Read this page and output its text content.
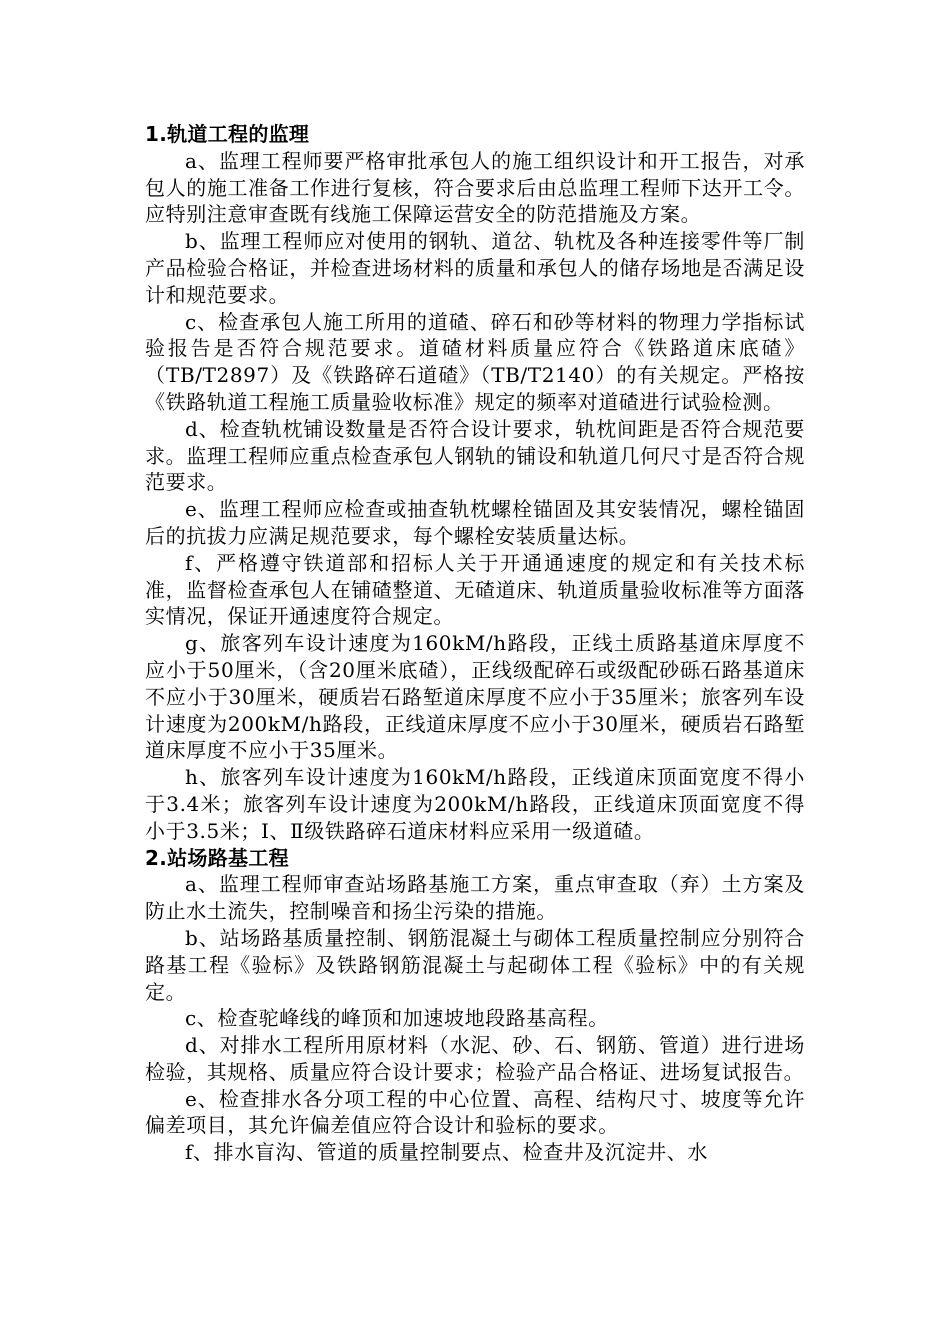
1.轨道工程的监理

a、监理工程师要严格审批承包人的施工组织设计和开工报告，对承包人的施工准备工作进行复核，符合要求后由总监理工程师下达开工令。应特别注意审查既有线施工保障运营安全的防范措施及方案。

b、监理工程师应对使用的钢轨、道岔、轨枕及各种连接零件等厂制产品检验合格证，并检查进场材料的质量和承包人的储存场地是否满足设计和规范要求。

c、检查承包人施工所用的道碴、碎石和砂等材料的物理力学指标试验报告是否符合规范要求。道碴材料质量应符合《铁路道床底碴》（TB/T2897）及《铁路碎石道碴》（TB/T2140）的有关规定。严格按《铁路轨道工程施工质量验收标准》规定的频率对道碴进行试验检测。

d、检查轨枕铺设数量是否符合设计要求，轨枕间距是否符合规范要求。监理工程师应重点检查承包人钢轨的铺设和轨道几何尺寸是否符合规范要求。

e、监理工程师应检查或抽查轨枕螺栓锚固及其安装情况，螺栓锚固后的抗拔力应满足规范要求，每个螺栓安装质量达标。

f、严格遵守铁道部和招标人关于开通通速度的规定和有关技术标准，监督检查承包人在铺碴整道、无碴道床、轨道质量验收标准等方面落实情况，保证开通速度符合规定。

g、旅客列车设计速度为160kM/h路段，正线土质路基道床厚度不应小于50厘米，（含20厘米底碴），正线级配碎石或级配砂砾石路基道床不应小于30厘米，硬质岩石路堑道床厚度不应小于35厘米；旅客列车设计速度为200kM/h路段，正线道床厚度不应小于30厘米，硬质岩石路堑道床厚度不应小于35厘米。

h、旅客列车设计速度为160kM/h路段，正线道床顶面宽度不得小于3.4米；旅客列车设计速度为200kM/h路段，正线道床顶面宽度不得小于3.5米；Ⅰ、Ⅱ级铁路碎石道床材料应采用一级道碴。

2.站场路基工程

a、监理工程师审查站场路基施工方案，重点审查取（弃）土方案及防止水土流失，控制噪音和扬尘污染的措施。

b、站场路基质量控制、钢筋混凝土与砌体工程质量控制应分别符合路基工程《验标》及铁路钢筋混凝土与起砌体工程《验标》中的有关规定。

c、检查驼峰线的峰顶和加速坡地段路基高程。

d、对排水工程所用原材料（水泥、砂、石、钢筋、管道）进行进场检验，其规格、质量应符合设计要求；检验产品合格证、进场复试报告。

e、检查排水各分项工程的中心位置、高程、结构尺寸、坡度等允许偏差项目，其允许偏差值应符合设计和验标的要求。

f、排水盲沟、管道的质量控制要点、检查井及沉淀井、水
